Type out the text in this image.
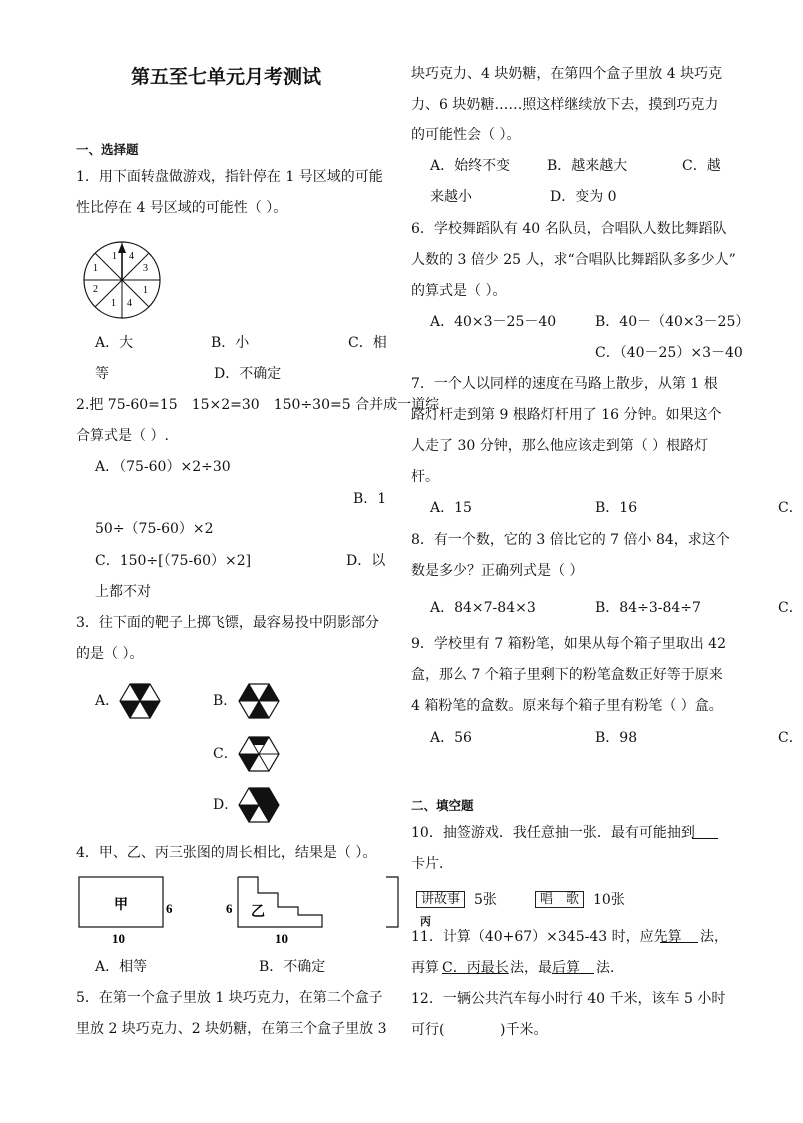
第五至七单元月考测试
一、选择题
1．用下面转盘做游戏，指针停在 1 号区域的可能
性比停在 4 号区域的可能性（ ）。
1 4
3
1
4
1
2
1
A．大	B．小	C．相
等	D．不确定
2.把 75-60=15　15×2=30　150÷30=5 合并成一道综
合算式是（ ）.
A．（75-60）×2÷30
B．1
50÷（75-60）×2
C．150÷[（75-60）×2]	D．以
上都不对
3．往下面的靶子上掷飞镖，最容易投中阴影部分
的是（ ）。
A．	B．
C．
D．
4．甲、乙、丙三张图的周长相比，结果是（ ）。
甲	6
10
乙
6
10
A．相等	B．不确定
5．在第一个盒子里放 1 块巧克力，在第二个盒子
里放 2 块巧克力、2 块奶糖，在第三个盒子里放 3
块巧克力、4 块奶糖，在第四个盒子里放 4 块巧克
力、6 块奶糖……照这样继续放下去，摸到巧克力
的可能性会（ ）。
A．始终不变	B．越来越大	C．越
来越小	D．变为 0
6．学校舞蹈队有 40 名队员，合唱队人数比舞蹈队
人数的 3 倍少 25 人，求“合唱队比舞蹈队多多少人”
的算式是（ ）。
A．40×3－25－40	B．40－（40×3－25）
C．（40－25）×3－40
7．一个人以同样的速度在马路上散步，从第 1 根
路灯杆走到第 9 根路灯杆用了 16 分钟。如果这个
人走了 30 分钟，那么他应该走到第（ ）根路灯
杆。
A．15	B．16	C．
8．有一个数，它的 3 倍比它的 7 倍小 84，求这个
数是多少？正确列式是（ ）
A．84×7-84×3	B．84÷3-84÷7	C．
9．学校里有 7 箱粉笔，如果从每个箱子里取出 42
盒，那么 7 个箱子里剩下的粉笔盒数正好等于原来
4 箱粉笔的盒数。原来每个箱子里有粉笔（ ）盒。
A．56	B．98	C．
二、填空题
10．抽签游戏．我任意抽一张．最有可能抽到
卡片．
丙
讲故事 5张	唱　歌 10张
11．计算（40+67）×345-43 时，应先算 法，
再算 C．丙最长 法，最后算 法．
12．一辆公共汽车每小时行 40 千米，该车 5 小时
可行(	)千米。
